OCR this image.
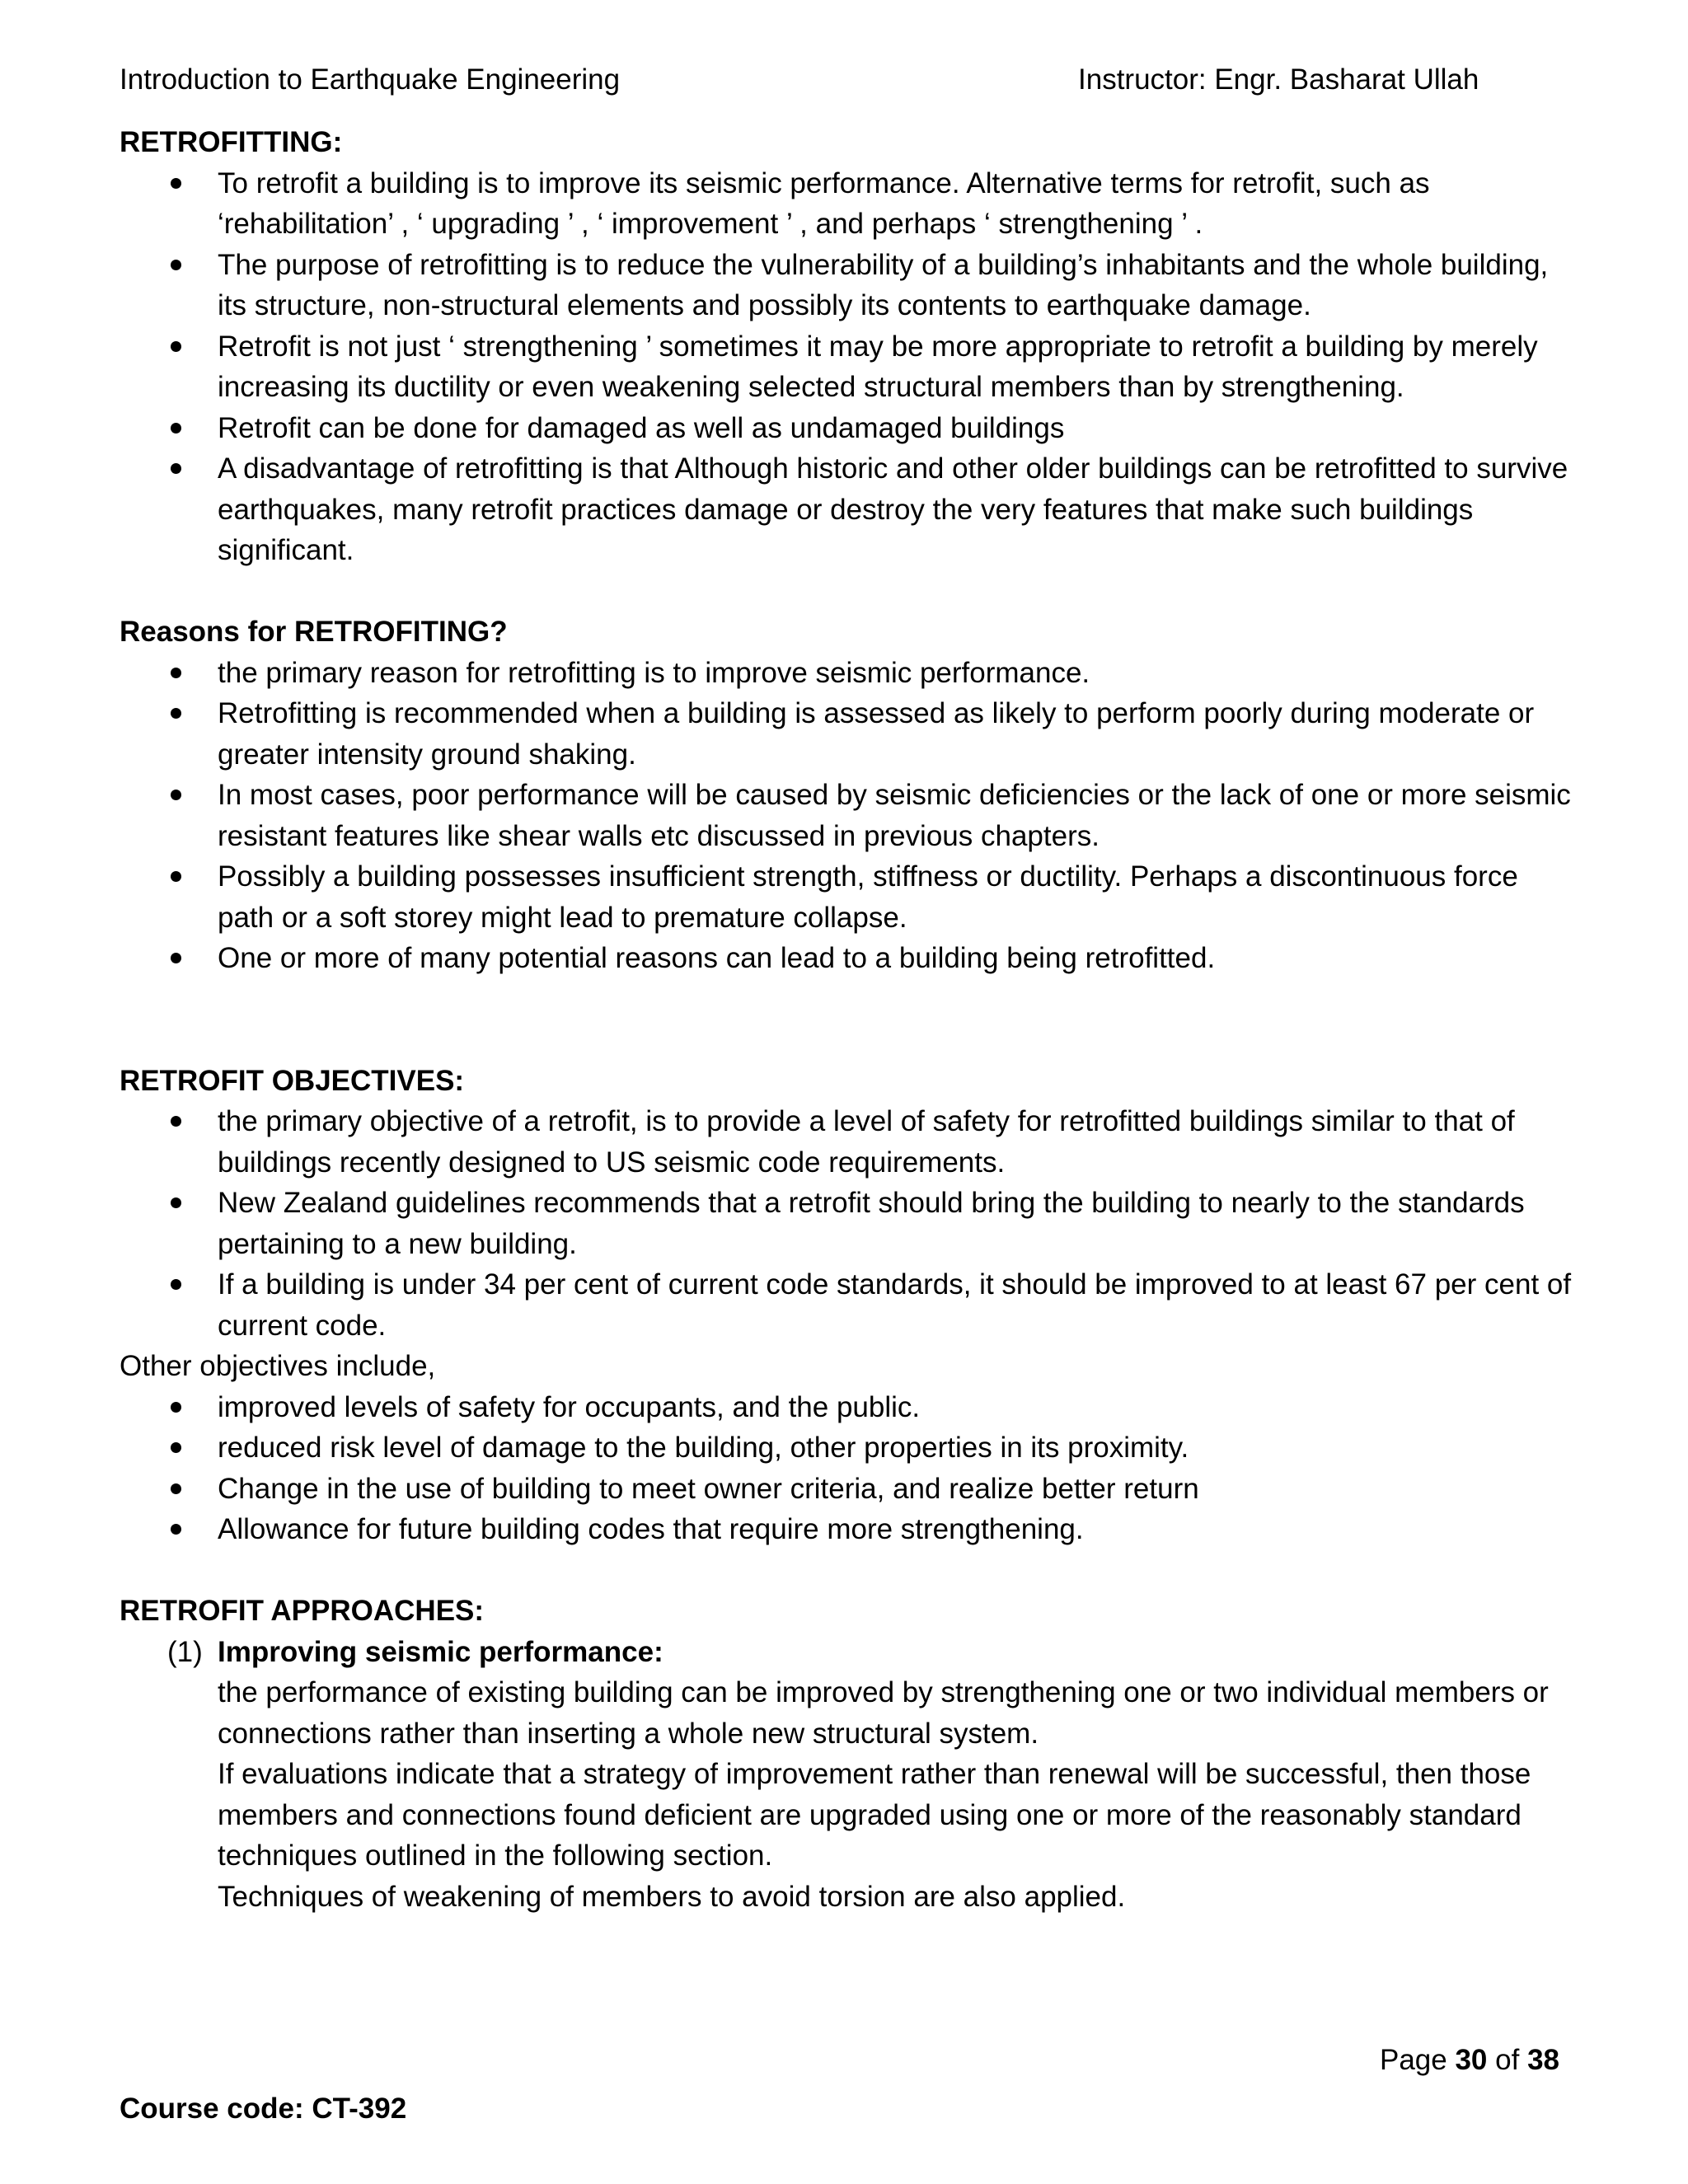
Introduction to Earthquake Engineering	Instructor: Engr. Basharat Ullah

RETROFITTING:

To retrofit a building is to improve its seismic performance. Alternative terms for retrofit, such as ‘rehabilitation’ , ‘ upgrading ’ , ‘ improvement ’ , and perhaps ‘ strengthening ’ .
The purpose of retrofitting is to reduce the vulnerability of a building’s inhabitants and the whole building, its structure, non-structural elements and possibly its contents to earthquake damage.
Retrofit is not just ‘ strengthening ’ sometimes it may be more appropriate to retrofit a building by merely increasing its ductility or even weakening selected structural members than by strengthening.
Retrofit can be done for damaged as well as undamaged buildings
A disadvantage of retrofitting is that Although historic and other older buildings can be retrofitted to survive earthquakes, many retrofit practices damage or destroy the very features that make such buildings significant.

Reasons for RETROFITING?

the primary reason for retrofitting is to improve seismic performance.
Retrofitting is recommended when a building is assessed as likely to perform poorly during moderate or greater intensity ground shaking.
In most cases, poor performance will be caused by seismic deficiencies or the lack of one or more seismic resistant features like shear walls etc discussed in previous chapters.
Possibly a building possesses insufficient strength, stiffness or ductility. Perhaps a discontinuous force path or a soft storey might lead to premature collapse.
One or more of many potential reasons can lead to a building being retrofitted.

RETROFIT OBJECTIVES:

the primary objective of a retrofit, is to provide a level of safety for retrofitted buildings similar to that of buildings recently designed to US seismic code requirements.
New Zealand guidelines recommends that a retrofit should bring the building to nearly to the standards pertaining to a new building.
If a building is under 34 per cent of current code standards, it should be improved to at least 67 per cent of current code.

Other objectives include,

improved levels of safety for occupants, and the public.
reduced risk level of damage to the building, other properties in its proximity.
Change in the use of building to meet owner criteria, and realize better return
Allowance for future building codes that require more strengthening.

RETROFIT APPROACHES:

(1) Improving seismic performance:

the performance of existing building can be improved by strengthening one or two individual members or connections rather than inserting a whole new structural system.

If evaluations indicate that a strategy of improvement rather than renewal will be successful, then those members and connections found deficient are upgraded using one or more of the reasonably standard techniques outlined in the following section.

Techniques of weakening of members to avoid torsion are also applied.

Page 30 of 38
Course code: CT-392
